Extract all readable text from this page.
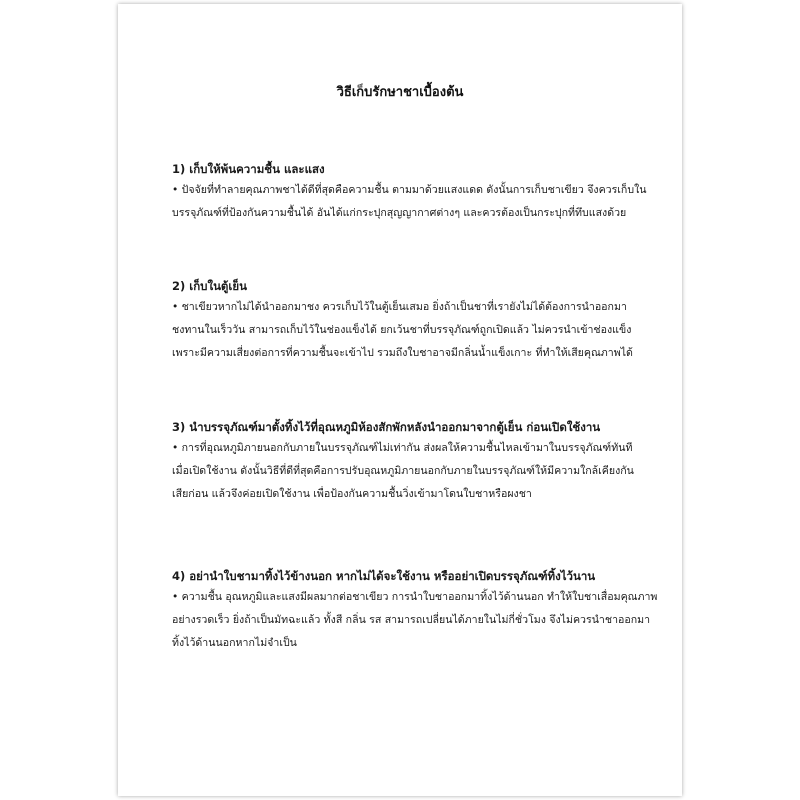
วิธีเก็บรักษาชาเบื้องต้น

1) เก็บให้พ้นความชื้น และแสง

• ปัจจัยที่ทำลายคุณภาพชาได้ดีที่สุดคือความชื้น ตามมาด้วยแสงแดด ดังนั้นการเก็บชาเขียว จึงควรเก็บใน
บรรจุภัณฑ์ที่ป้องกันความชื้นได้ อันได้แก่กระปุกสุญญากาศต่างๆ และควรต้องเป็นกระปุกที่ทึบแสงด้วย

2) เก็บในตู้เย็น

• ชาเขียวหากไม่ได้นำออกมาชง ควรเก็บไว้ในตู้เย็นเสมอ ยิ่งถ้าเป็นชาที่เรายังไม่ได้ต้องการนำออกมา
ชงทานในเร็ววัน สามารถเก็บไว้ในช่องแข็งได้ ยกเว้นชาที่บรรจุภัณฑ์ถูกเปิดแล้ว ไม่ควรนำเข้าช่องแข็ง
เพราะมีความเสี่ยงต่อการที่ความชื้นจะเข้าไป รวมถึงใบชาอาจมีกลิ่นน้ำแข็งเกาะ ที่ทำให้เสียคุณภาพได้

3) นำบรรจุภัณฑ์มาตั้งทิ้งไว้ที่อุณหภูมิห้องสักพักหลังนำออกมาจากตู้เย็น ก่อนเปิดใช้งาน

• การที่อุณหภูมิภายนอกกับภายในบรรจุภัณฑ์ไม่เท่ากัน ส่งผลให้ความชื้นไหลเข้ามาในบรรจุภัณฑ์ทันที
เมื่อเปิดใช้งาน ดังนั้นวิธีที่ดีที่สุดคือการปรับอุณหภูมิภายนอกกับภายในบรรจุภัณฑ์ให้มีความใกล้เคียงกัน
เสียก่อน แล้วจึงค่อยเปิดใช้งาน เพื่อป้องกันความชื้นวิ่งเข้ามาโดนใบชาหรือผงชา

4) อย่านำใบชามาทิ้งไว้ข้างนอก หากไม่ได้จะใช้งาน หรืออย่าเปิดบรรจุภัณฑ์ทิ้งไว้นาน

• ความชื้น อุณหภูมิและแสงมีผลมากต่อชาเขียว การนำใบชาออกมาทิ้งไว้ด้านนอก ทำให้ใบชาเสื่อมคุณภาพ
อย่างรวดเร็ว ยิ่งถ้าเป็นมัทฉะแล้ว ทั้งสี กลิ่น รส สามารถเปลี่ยนได้ภายในไม่กี่ชั่วโมง จึงไม่ควรนำชาออกมา
ทิ้งไว้ด้านนอกหากไม่จำเป็น
